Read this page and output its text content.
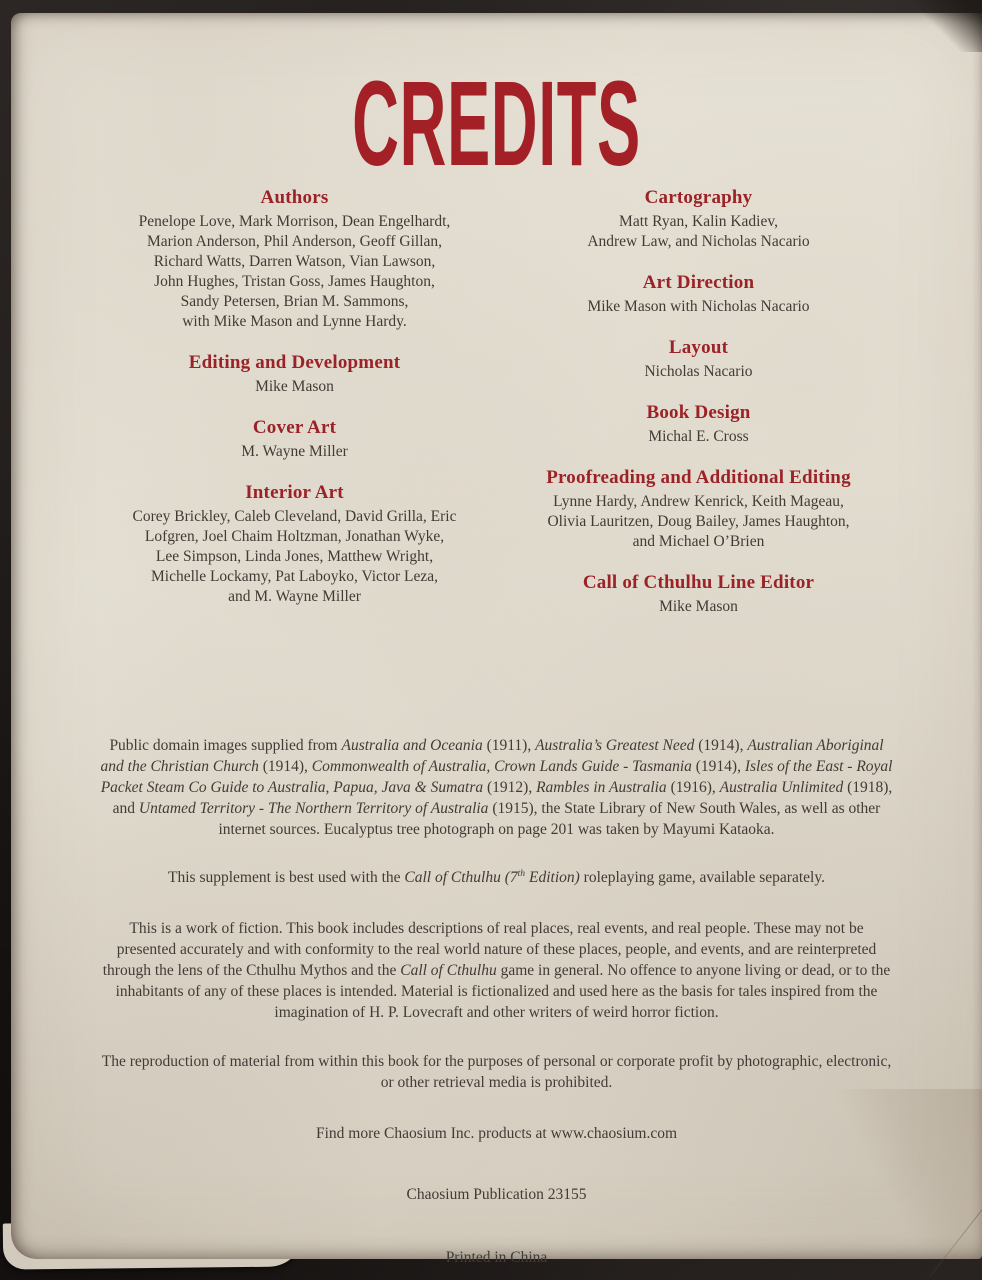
CREDITS
Authors
Penelope Love, Mark Morrison, Dean Engelhardt,
Marion Anderson, Phil Anderson, Geoff Gillan,
Richard Watts, Darren Watson, Vian Lawson,
John Hughes, Tristan Goss, James Haughton,
Sandy Petersen, Brian M. Sammons,
with Mike Mason and Lynne Hardy.
Editing and Development
Mike Mason
Cover Art
M. Wayne Miller
Interior Art
Corey Brickley, Caleb Cleveland, David Grilla, Eric
Lofgren, Joel Chaim Holtzman, Jonathan Wyke,
Lee Simpson, Linda Jones, Matthew Wright,
Michelle Lockamy, Pat Laboyko, Victor Leza,
and M. Wayne Miller
Cartography
Matt Ryan, Kalin Kadiev,
Andrew Law, and Nicholas Nacario
Art Direction
Mike Mason with Nicholas Nacario
Layout
Nicholas Nacario
Book Design
Michal E. Cross
Proofreading and Additional Editing
Lynne Hardy, Andrew Kenrick, Keith Mageau,
Olivia Lauritzen, Doug Bailey, James Haughton,
and Michael O’Brien
Call of Cthulhu Line Editor
Mike Mason

Public domain images supplied from Australia and Oceania (1911), Australia’s Greatest Need (1914), Australian Aboriginal and the Christian Church (1914), Commonwealth of Australia, Crown Lands Guide - Tasmania (1914), Isles of the East - Royal Packet Steam Co Guide to Australia, Papua, Java & Sumatra (1912), Rambles in Australia (1916), Australia Unlimited (1918), and Untamed Territory - The Northern Territory of Australia (1915), the State Library of New South Wales, as well as other internet sources. Eucalyptus tree photograph on page 201 was taken by Mayumi Kataoka.

This supplement is best used with the Call of Cthulhu (7th Edition) roleplaying game, available separately.

This is a work of fiction. This book includes descriptions of real places, real events, and real people. These may not be presented accurately and with conformity to the real world nature of these places, people, and events, and are reinterpreted through the lens of the Cthulhu Mythos and the Call of Cthulhu game in general. No offence to anyone living or dead, or to the inhabitants of any of these places is intended. Material is fictionalized and used here as the basis for tales inspired from the imagination of H. P. Lovecraft and other writers of weird horror fiction.

The reproduction of material from within this book for the purposes of personal or corporate profit by photographic, electronic, or other retrieval media is prohibited.

Find more Chaosium Inc. products at www.chaosium.com

Chaosium Publication 23155

Printed in China
